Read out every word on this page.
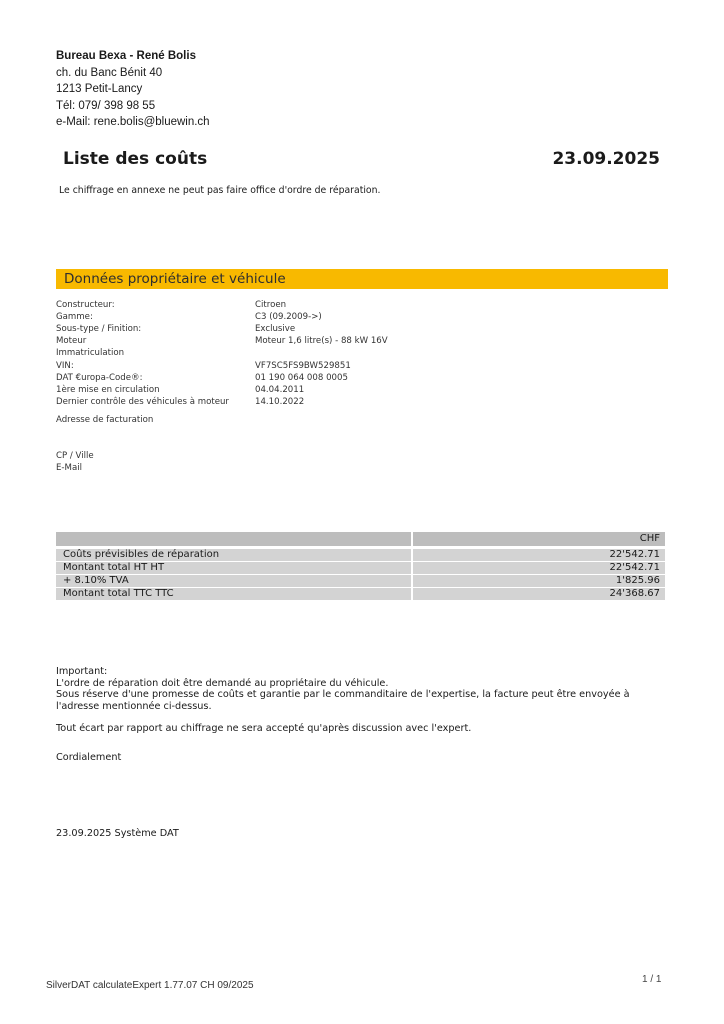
Bureau Bexa - René Bolis
ch. du Banc Bénit 40
1213 Petit-Lancy
Tél: 079/ 398 98 55
e-Mail: rene.bolis@bluewin.ch
Liste des coûts	23.09.2025
Le chiffrage en annexe ne peut pas faire office d'ordre de réparation.
Données propriétaire et véhicule
Constructeur:	Citroen
Gamme:	C3 (09.2009->)
Sous-type / Finition:	Exclusive
Moteur	Moteur 1,6 litre(s) - 88 kW 16V
Immatriculation
VIN:	VF7SC5FS9BW529851
DAT €uropa-Code®:	01 190 064 008 0005
1ère mise en circulation	04.04.2011
Dernier contrôle des véhicules à moteur	14.10.2022
Adresse de facturation
CP / Ville
E-Mail
CHF
Coûts prévisibles de réparation	22'542.71
Montant total HT HT	22'542.71
+ 8.10% TVA	1'825.96
Montant total TTC TTC	24'368.67

Important:

L'ordre de réparation doit être demandé au propriétaire du véhicule.

Sous réserve d'une promesse de coûts et garantie par le commanditaire de l'expertise, la facture peut être envoyée à l'adresse mentionnée ci-dessus.

Tout écart par rapport au chiffrage ne sera accepté qu'après discussion avec l'expert.

Cordialement

23.09.2025 Système DAT
1 / 1
SilverDAT calculateExpert 1.77.07 CH 09/2025
